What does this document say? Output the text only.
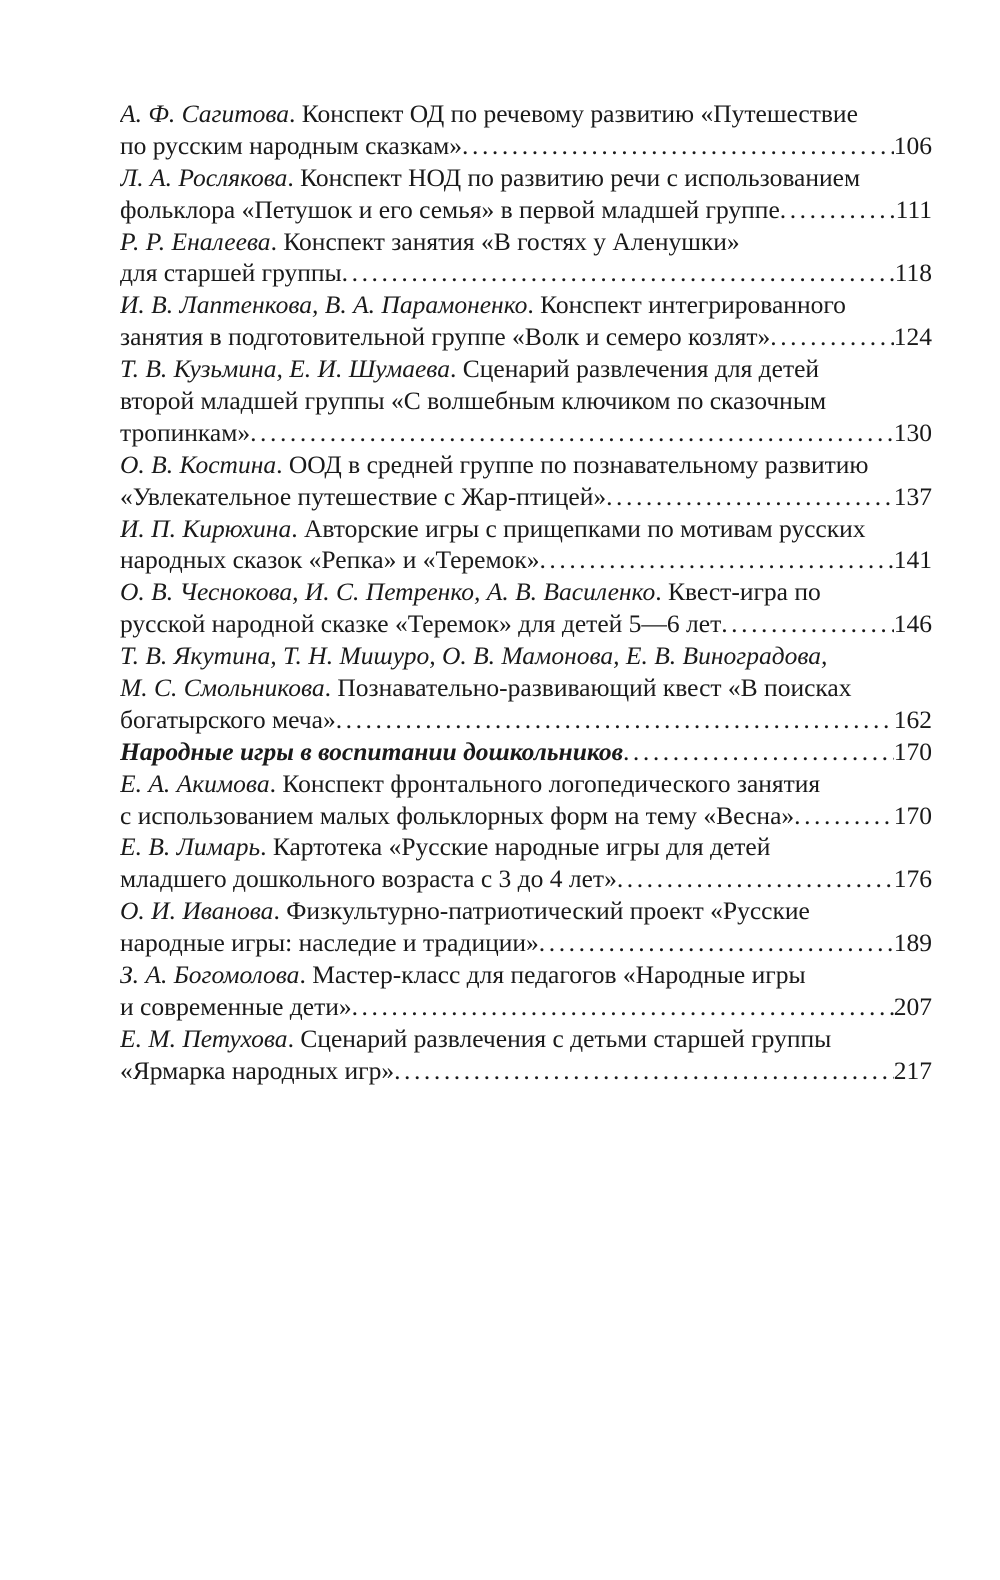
А. Ф. Сагитова. Конспект ОД по речевому развитию «Путешествие
по русским народным сказкам» . . .	106
Л. А. Рослякова. Конспект НОД по развитию речи с использованием
фольклора «Петушок и его семья» в первой младшей группе . . .	111
Р. Р. Еналеева. Конспект занятия «В гостях у Аленушки»
для старшей группы . . .	118
И. В. Лаптенкова, В. А. Парамоненко. Конспект интегрированного
занятия в подготовительной группе «Волк и семеро козлят» . . .	124
Т. В. Кузьмина, Е. И. Шумаева. Сценарий развлечения для детей
второй младшей группы «С волшебным ключиком по сказочным
тропинкам» . . .	130
О. В. Костина. ООД в средней группе по познавательному развитию
«Увлекательное путешествие с Жар-птицей» . . .	137
И. П. Кирюхина. Авторские игры с прищепками по мотивам русских
народных сказок «Репка» и «Теремок» . . .	141
О. В. Чеснокова, И. С. Петренко, А. В. Василенко. Квест-игра по
русской народной сказке «Теремок» для детей 5—6 лет . . .	146
Т. В. Якутина, Т. Н. Мишуро, О. В. Мамонова, Е. В. Виноградова,
М. С. Смольникова. Познавательно-развивающий квест «В поисках
богатырского меча» . . .	162
Народные игры в воспитании дошкольников . . .	170
Е. А. Акимова. Конспект фронтального логопедического занятия
с использованием малых фольклорных форм на тему «Весна» . . .	170
Е. В. Лимарь. Картотека «Русские народные игры для детей
младшего дошкольного возраста с 3 до 4 лет» . . .	176
О. И. Иванова. Физкультурно-патриотический проект «Русские
народные игры: наследие и традиции» . . .	189
З. А. Богомолова. Мастер-класс для педагогов «Народные игры
и современные дети» . . .	207
Е. М. Петухова. Сценарий развлечения с детьми старшей группы
«Ярмарка народных игр» . . .	217
